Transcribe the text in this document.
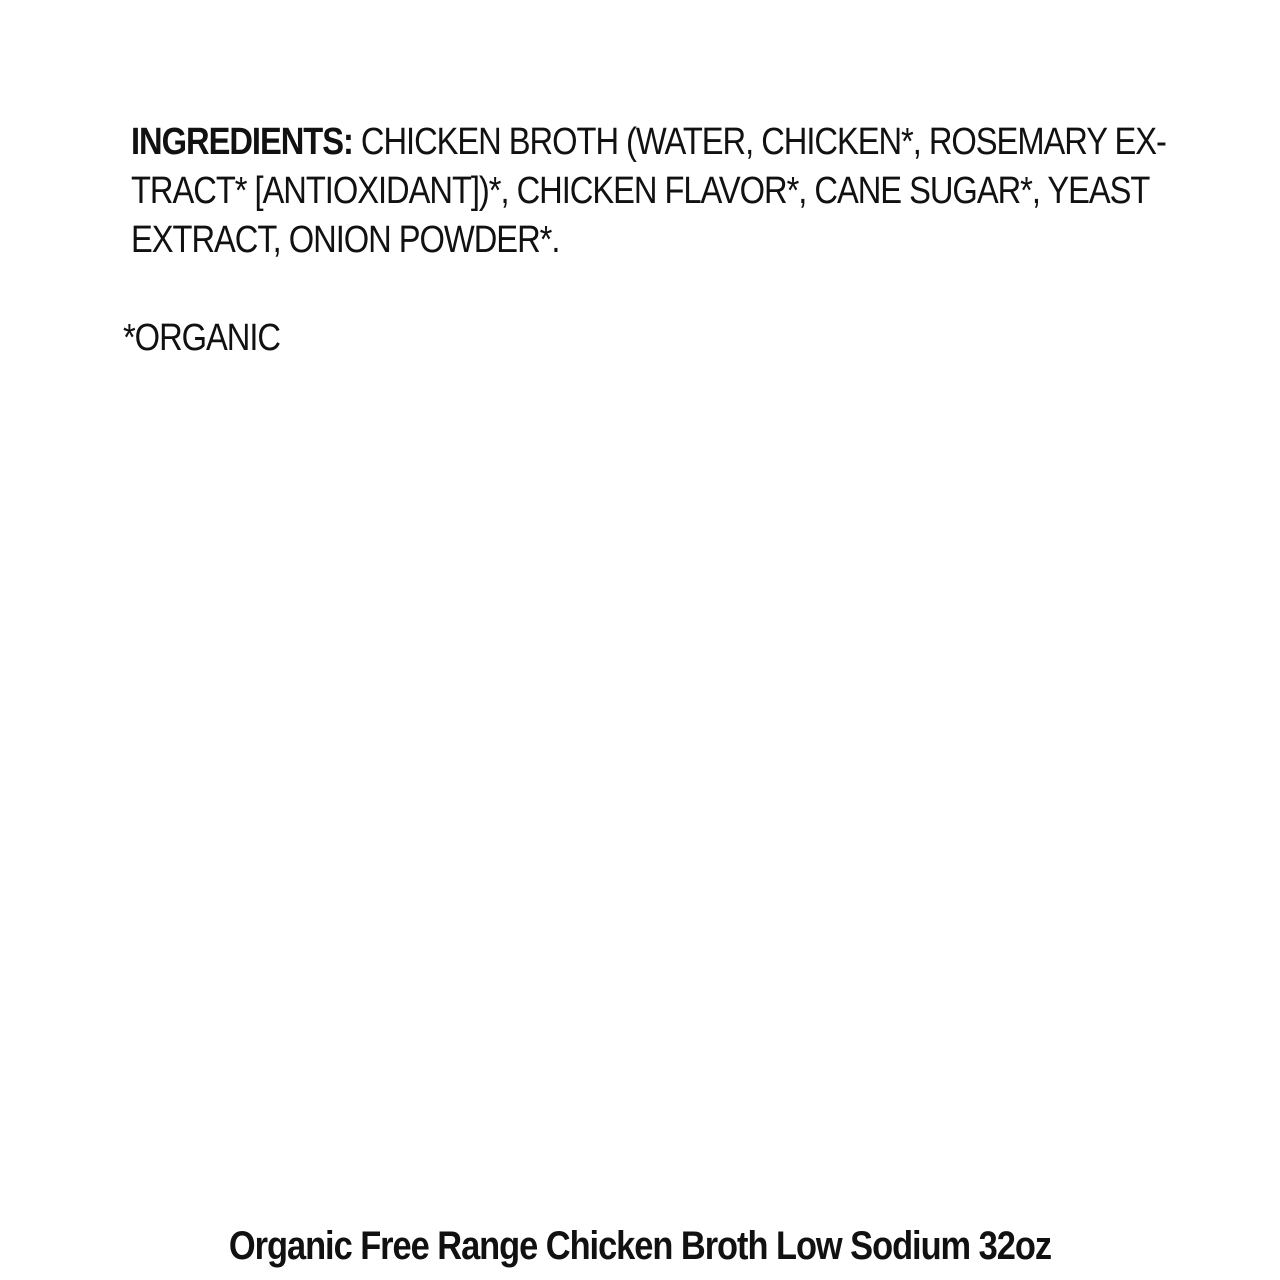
INGREDIENTS: CHICKEN BROTH (WATER, CHICKEN*, ROSEMARY EX-
TRACT* [ANTIOXIDANT])*, CHICKEN FLAVOR*, CANE SUGAR*, YEAST
EXTRACT, ONION POWDER*.
*ORGANIC
Organic Free Range Chicken Broth Low Sodium 32oz
